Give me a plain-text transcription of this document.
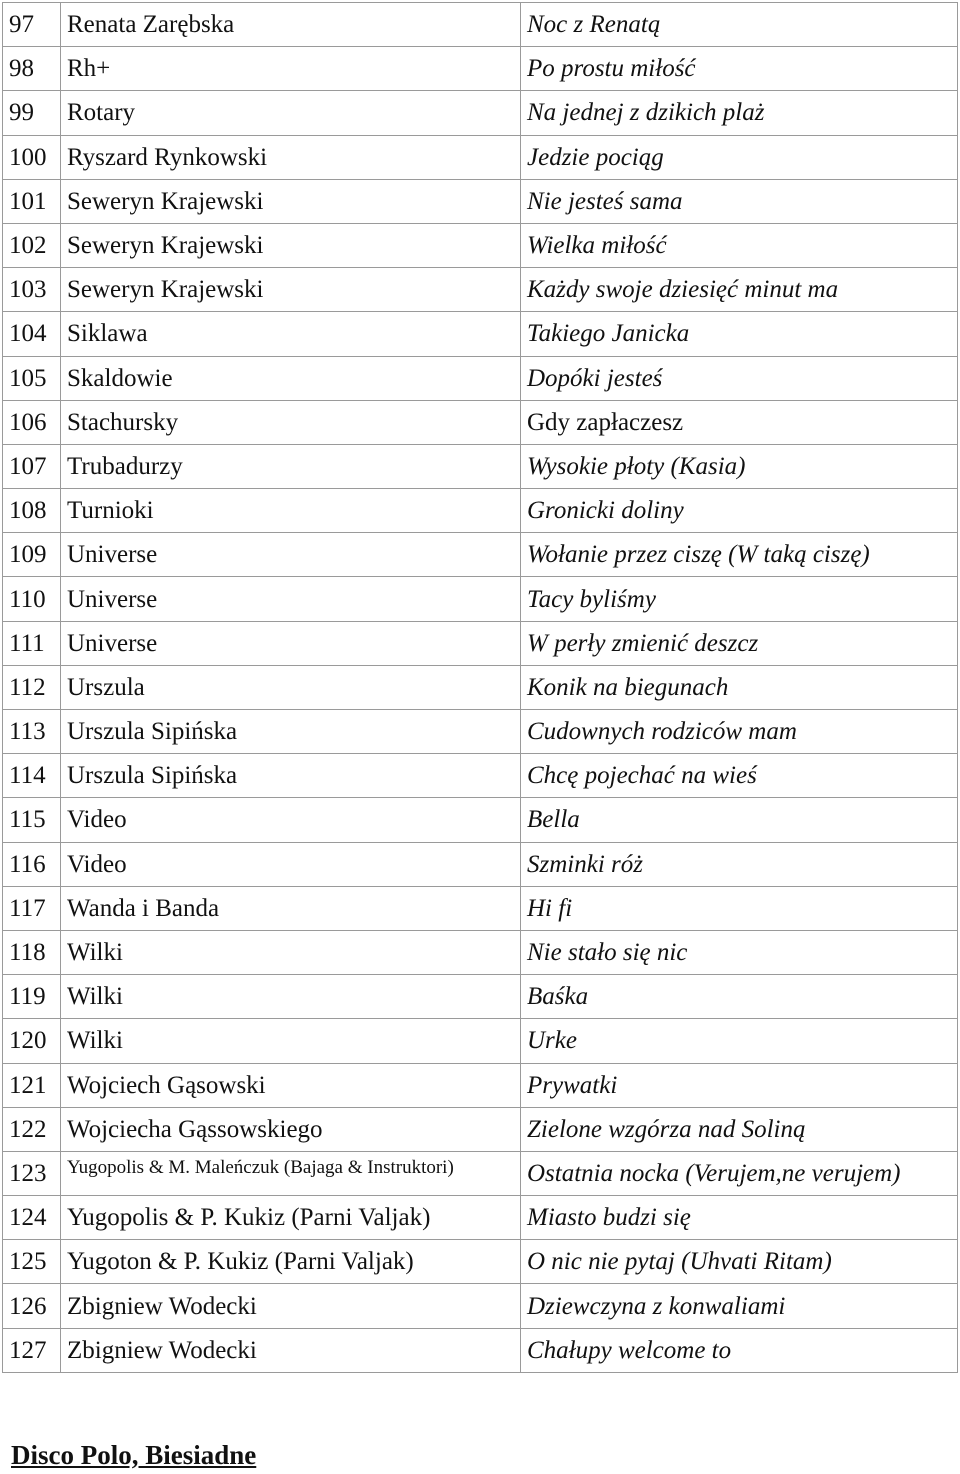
97	Renata Zarębska	Noc z Renatą
98	Rh+	Po prostu miłość
99	Rotary	Na jednej z dzikich plaż
100	Ryszard Rynkowski	Jedzie pociąg
101	Seweryn Krajewski	Nie jesteś sama
102	Seweryn Krajewski	Wielka miłość
103	Seweryn Krajewski	Każdy swoje dziesięć minut ma
104	Siklawa	Takiego Janicka
105	Skaldowie	Dopóki jesteś
106	Stachursky	Gdy zapłaczesz
107	Trubadurzy	Wysokie płoty (Kasia)
108	Turnioki	Gronicki doliny
109	Universe	Wołanie przez ciszę (W taką ciszę)
110	Universe	Tacy byliśmy
111	Universe	W perły zmienić deszcz
112	Urszula	Konik na biegunach
113	Urszula Sipińska	Cudownych rodziców mam
114	Urszula Sipińska	Chcę pojechać na wieś
115	Video	Bella
116	Video	Szminki róż
117	Wanda i Banda	Hi fi
118	Wilki	Nie stało się nic
119	Wilki	Baśka
120	Wilki	Urke
121	Wojciech Gąsowski	Prywatki
122	Wojciecha Gąssowskiego	Zielone wzgórza nad Soliną
123	Yugopolis & M. Maleńczuk (Bajaga & Instruktori)	Ostatnia nocka (Verujem,ne verujem)
124	Yugopolis & P. Kukiz (Parni Valjak)	Miasto budzi się
125	Yugoton & P. Kukiz (Parni Valjak)	O nic nie pytaj (Uhvati Ritam)
126	Zbigniew Wodecki	Dziewczyna z konwaliami
127	Zbigniew Wodecki	Chałupy welcome to
Disco Polo, Biesiadne
